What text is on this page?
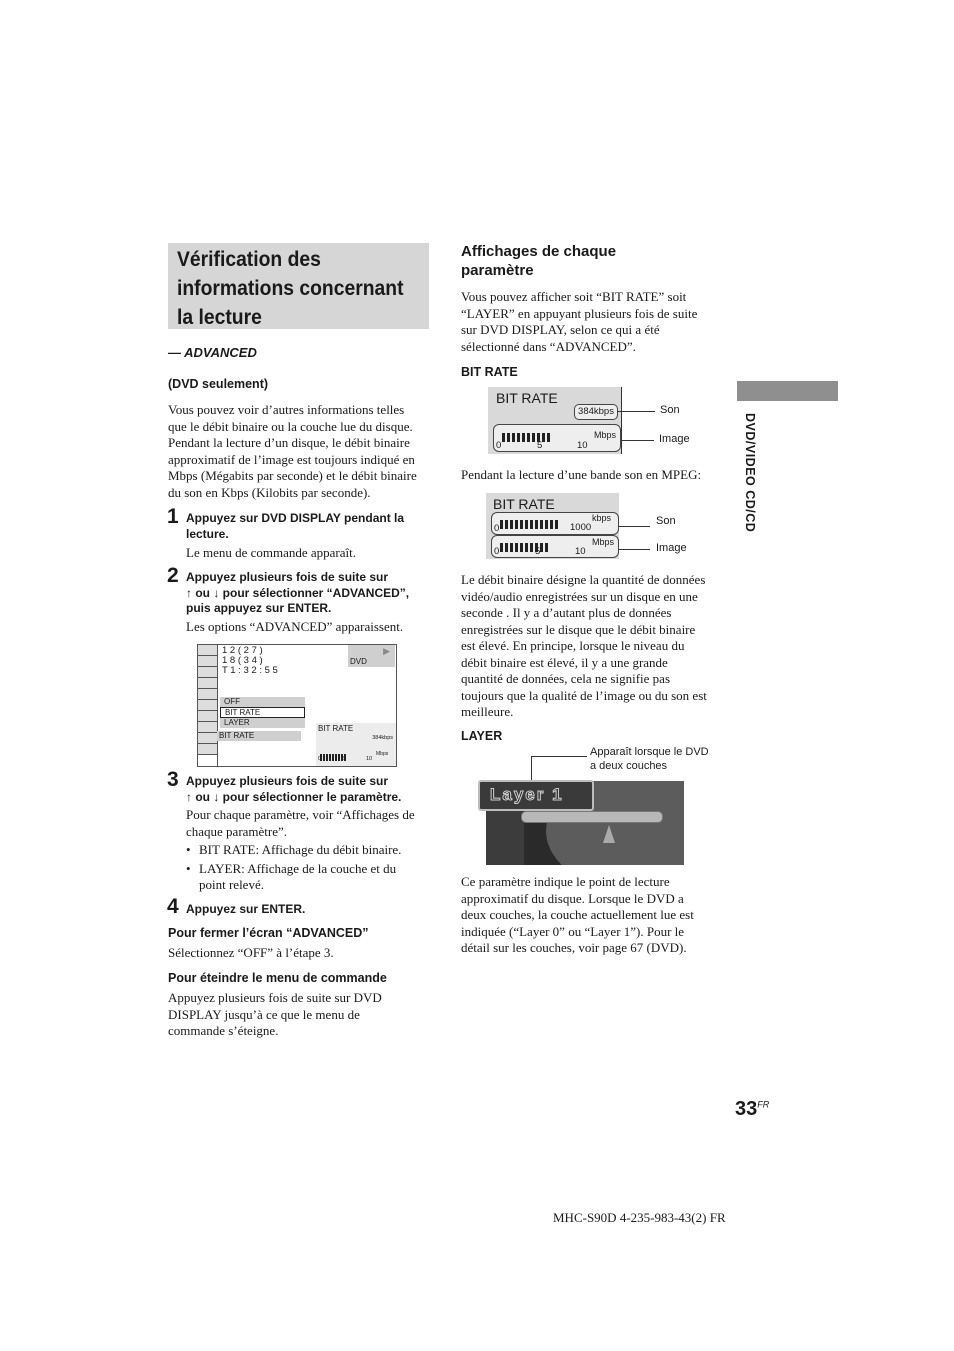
Vérification des
informations concernant
la lecture
— ADVANCED
(DVD seulement)
Vous pouvez voir d’autres informations telles
que le débit binaire ou la couche lue du disque.
Pendant la lecture d’un disque, le débit binaire
approximatif de l’image est toujours indiqué en
Mbps (Mégabits par seconde) et le débit binaire
du son en Kbps (Kilobits par seconde).
1 Appuyez sur DVD DISPLAY pendant la
lecture.
Le menu de commande apparaît.
2 Appuyez plusieurs fois de suite sur
↑ ou ↓ pour sélectionner “ADVANCED”,
puis appuyez sur ENTER.
Les options “ADVANCED” apparaissent.
1 2 ( 2 7 )
1 8 ( 3 4 )
T 1 : 3 2 : 5 5
▶
DVD
OFF
BIT RATE
LAYER
BIT RATE
BIT RATE
384kbps
0	5	10
Mbps
3 Appuyez plusieurs fois de suite sur
↑ ou ↓ pour sélectionner le paramètre.
Pour chaque paramètre, voir “Affichages de
chaque paramètre”.
• BIT RATE: Affichage du débit binaire.
• LAYER: Affichage de la couche et du
point relevé.
4 Appuyez sur ENTER.
Pour fermer l’écran “ADVANCED”
Sélectionnez “OFF” à l’étape 3.
Pour éteindre le menu de commande
Appuyez plusieurs fois de suite sur DVD
DISPLAY jusqu’à ce que le menu de
commande s’éteigne.
Affichages de chaque
paramètre
Vous pouvez afficher soit “BIT RATE” soit
“LAYER” en appuyant plusieurs fois de suite
sur DVD DISPLAY, selon ce qui a été
sélectionné dans “ADVANCED”.
BIT RATE
BIT RATE
384kbps
0	5	10
Mbps
Son
Image
Pendant la lecture d’une bande son en MPEG:
BIT RATE
0	1000
kbps
0	5	10
Mbps
Son
Image
Le débit binaire désigne la quantité de données
vidéo/audio enregistrées sur un disque en une
seconde . Il y a d’autant plus de données
enregistrées sur le disque que le débit binaire
est élevé. En principe, lorsque le niveau du
débit binaire est élevé, il y a une grande
quantité de données, cela ne signifie pas
toujours que la qualité de l’image ou du son est
meilleure.
LAYER
Apparaît lorsque le DVD
a deux couches
Layer 1
Ce paramètre indique le point de lecture
approximatif du disque. Lorsque le DVD a
deux couches, la couche actuellement lue est
indiquée (“Layer 0” ou “Layer 1”). Pour le
détail sur les couches, voir page 67 (DVD).
DVD/VIDEO CD/CD
$33^{FR}$
MHC-S90D 4-235-983-43(2) FR
